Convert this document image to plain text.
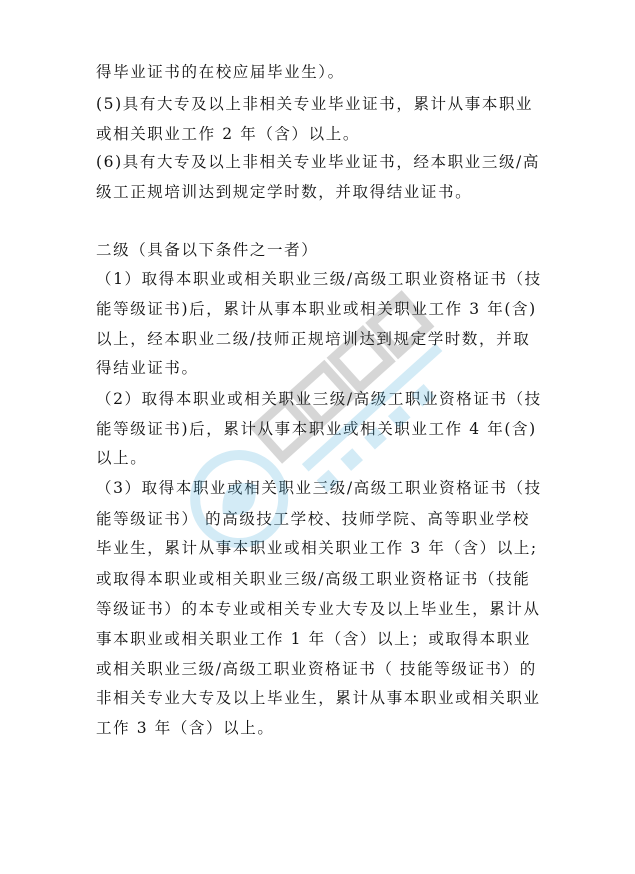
得毕业证书的在校应届毕业生）。
(5)具有大专及以上非相关专业毕业证书，累计从事本职业
或相关职业工作 2 年（含）以上。
(6)具有大专及以上非相关专业毕业证书，经本职业三级/高
级工正规培训达到规定学时数，并取得结业证书。
二级（具备以下条件之一者）
（1）取得本职业或相关职业三级/高级工职业资格证书（技
能等级证书)后，累计从事本职业或相关职业工作 3 年(含)
以上，经本职业二级/技师正规培训达到规定学时数，并取
得结业证书。
（2）取得本职业或相关职业三级/高级工职业资格证书（技
能等级证书)后，累计从事本职业或相关职业工作 4 年(含)
以上。
（3）取得本职业或相关职业三级/高级工职业资格证书（技
能等级证书） 的高级技工学校、技师学院、高等职业学校
毕业生，累计从事本职业或相关职业工作 3 年（含）以上;
或取得本职业或相关职业三级/高级工职业资格证书（技能
等级证书）的本专业或相关专业大专及以上毕业生，累计从
事本职业或相关职业工作 1 年（含）以上；或取得本职业
或相关职业三级/高级工职业资格证书（ 技能等级证书）的
非相关专业大专及以上毕业生，累计从事本职业或相关职业
工作 3 年（含）以上。
